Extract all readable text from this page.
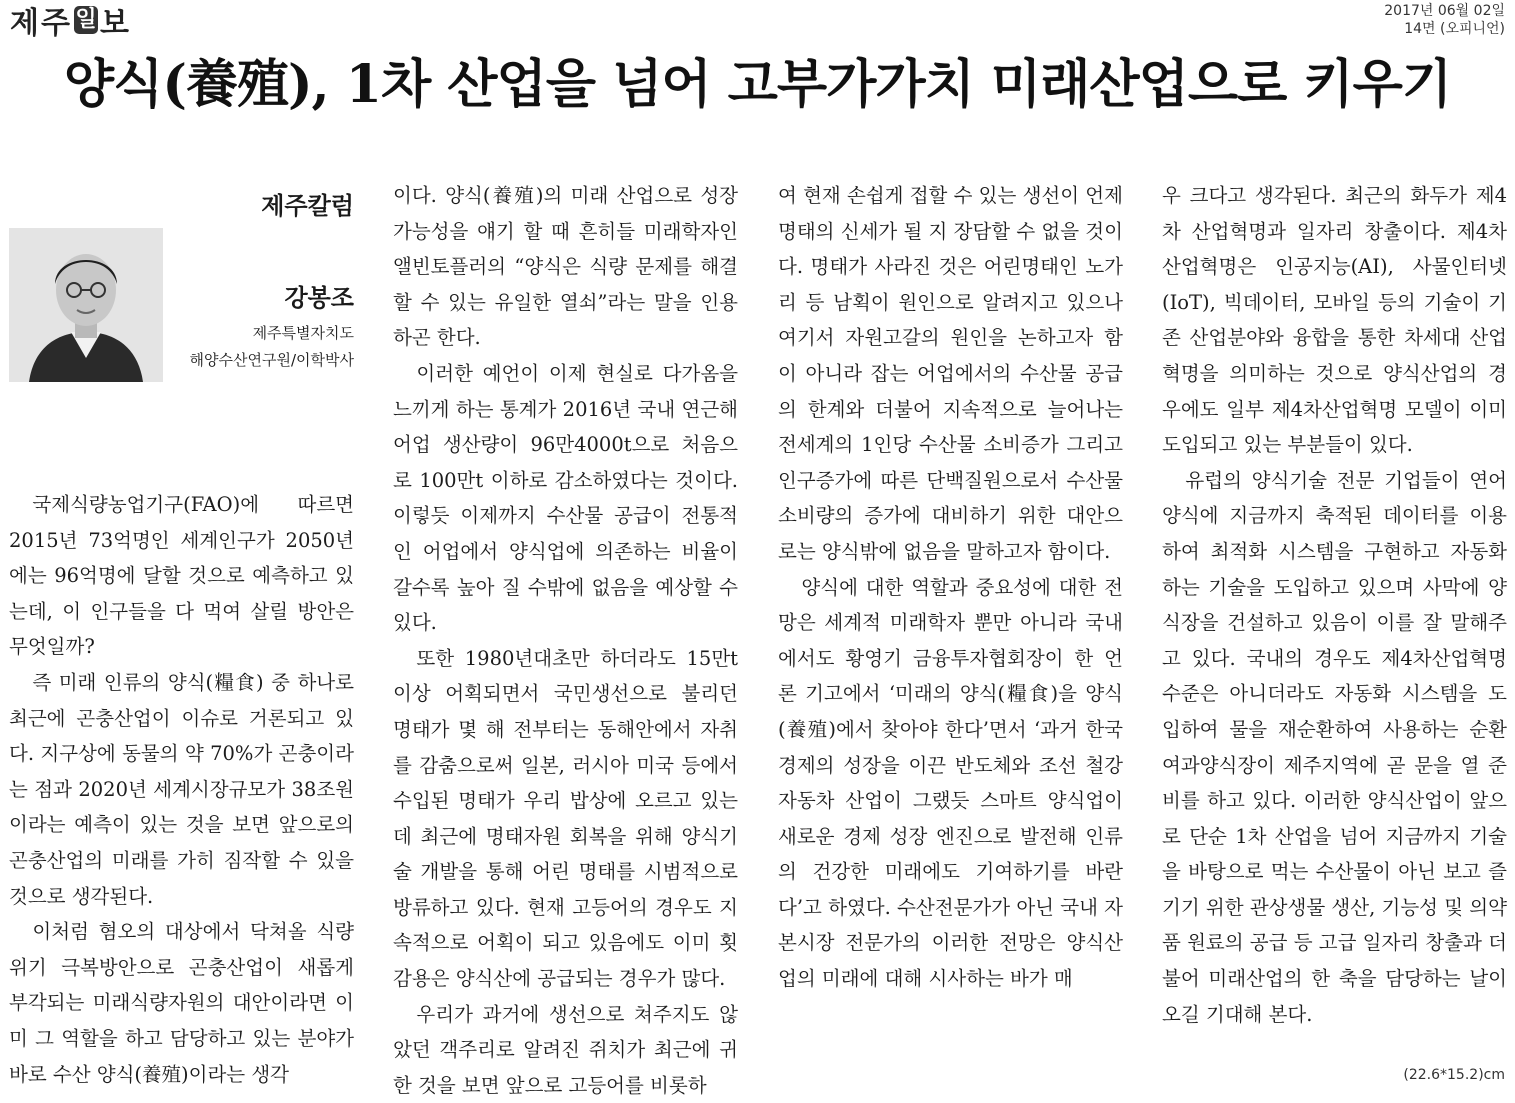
제주 일 보	2017년 06월 02일
14면 (오피니언)
양식(養殖), 1차 산업을 넘어 고부가가치 미래산업으로 키우기
제주칼럼
강봉조
제주특별자치도
해양수산연구원/이학박사

국제식량농업기구(FAO)에 따르면 2015년 73억명인 세계인구가 2050년에는 96억명에 달할 것으로 예측하고 있는데, 이 인구들을 다 먹여 살릴 방안은 무엇일까?

즉 미래 인류의 양식(糧食) 중 하나로 최근에 곤충산업이 이슈로 거론되고 있다. 지구상에 동물의 약 70%가 곤충이라는 점과 2020년 세계시장규모가 38조원이라는 예측이 있는 것을 보면 앞으로의 곤충산업의 미래를 가히 짐작할 수 있을 것으로 생각된다.

이처럼 혐오의 대상에서 닥쳐올 식량위기 극복방안으로 곤충산업이 새롭게 부각되는 미래식량자원의 대안이라면 이미 그 역할을 하고 담당하고 있는 분야가 바로 수산 양식(養殖)이라는 생각

이다. 양식(養殖)의 미래 산업으로 성장 가능성을 얘기 할 때 흔히들 미래학자인 앨빈토플러의 “양식은 식량 문제를 해결할 수 있는 유일한 열쇠”라는 말을 인용하곤 한다.

이러한 예언이 이제 현실로 다가옴을 느끼게 하는 통계가 2016년 국내 연근해 어업 생산량이 96만4000t으로 처음으로 100만t 이하로 감소하였다는 것이다. 이렇듯 이제까지 수산물 공급이 전통적인 어업에서 양식업에 의존하는 비율이 갈수록 높아 질 수밖에 없음을 예상할 수 있다.

또한 1980년대초만 하더라도 15만t이상 어획되면서 국민생선으로 불리던 명태가 몇 해 전부터는 동해안에서 자취를 감춤으로써 일본, 러시아 미국 등에서 수입된 명태가 우리 밥상에 오르고 있는데 최근에 명태자원 회복을 위해 양식기술 개발을 통해 어린 명태를 시범적으로 방류하고 있다. 현재 고등어의 경우도 지속적으로 어획이 되고 있음에도 이미 횟감용은 양식산에 공급되는 경우가 많다.

우리가 과거에 생선으로 쳐주지도 않았던 객주리로 알려진 쥐치가 최근에 귀한 것을 보면 앞으로 고등어를 비롯하

여 현재 손쉽게 접할 수 있는 생선이 언제 명태의 신세가 될 지 장담할 수 없을 것이다. 명태가 사라진 것은 어린명태인 노가리 등 남획이 원인으로 알려지고 있으나 여기서 자원고갈의 원인을 논하고자 함이 아니라 잡는 어업에서의 수산물 공급의 한계와 더불어 지속적으로 늘어나는 전세계의 1인당 수산물 소비증가 그리고 인구증가에 따른 단백질원으로서 수산물 소비량의 증가에 대비하기 위한 대안으로는 양식밖에 없음을 말하고자 함이다.

양식에 대한 역할과 중요성에 대한 전망은 세계적 미래학자 뿐만 아니라 국내에서도 황영기 금융투자협회장이 한 언론 기고에서 ‘미래의 양식(糧食)을 양식(養殖)에서 찾아야 한다’면서 ‘과거 한국 경제의 성장을 이끈 반도체와 조선 철강 자동차 산업이 그랬듯 스마트 양식업이 새로운 경제 성장 엔진으로 발전해 인류의 건강한 미래에도 기여하기를 바란다’고 하였다. 수산전문가가 아닌 국내 자본시장 전문가의 이러한 전망은 양식산업의 미래에 대해 시사하는 바가 매

우 크다고 생각된다. 최근의 화두가 제4차 산업혁명과 일자리 창출이다. 제4차 산업혁명은 인공지능(AI), 사물인터넷(IoT), 빅데이터, 모바일 등의 기술이 기존 산업분야와 융합을 통한 차세대 산업혁명을 의미하는 것으로 양식산업의 경우에도 일부 제4차산업혁명 모델이 이미 도입되고 있는 부분들이 있다.

유럽의 양식기술 전문 기업들이 연어양식에 지금까지 축적된 데이터를 이용하여 최적화 시스템을 구현하고 자동화하는 기술을 도입하고 있으며 사막에 양식장을 건설하고 있음이 이를 잘 말해주고 있다. 국내의 경우도 제4차산업혁명 수준은 아니더라도 자동화 시스템을 도입하여 물을 재순환하여 사용하는 순환여과양식장이 제주지역에 곧 문을 열 준비를 하고 있다. 이러한 양식산업이 앞으로 단순 1차 산업을 넘어 지금까지 기술을 바탕으로 먹는 수산물이 아닌 보고 즐기기 위한 관상생물 생산, 기능성 및 의약품 원료의 공급 등 고급 일자리 창출과 더불어 미래산업의 한 축을 담당하는 날이 오길 기대해 본다.

(22.6*15.2)cm
